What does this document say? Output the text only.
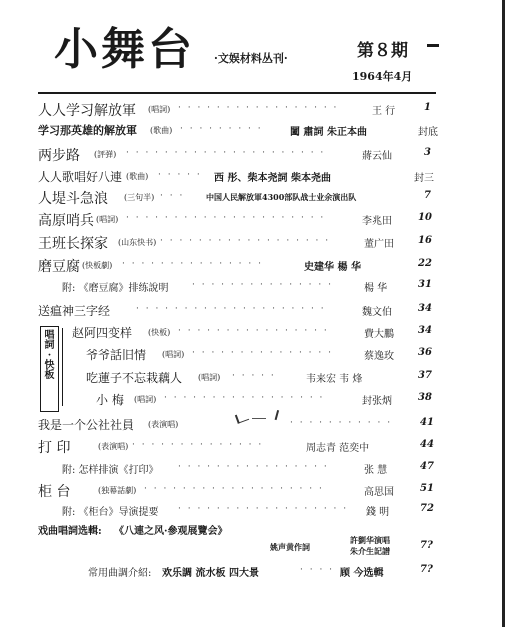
小舞台 ·文娱材料丛刊·	第８期
1964年4月
人人学习解放軍 (唱詞) · · · · · · · · · · · · · · · · ·	王 行	1
学习那英雄的解放軍 (歌曲) · · · · · · · · ·	闔 肅詞 朱正本曲	封底
两步路 (評弹) · · · · · · · · · · · · · · · · · · · · ·	蔣云仙	3
人人歌唱好八連 (歌曲) · · · · · 西 彤、柴本尧詞 柴本尧曲	封三
人堤斗急浪 (三句半) · · ·	中国人民解放軍4300部队战士业余演出队	7
高原哨兵 (唱詞) · · · · · · · · · · · · · · · · · · · · ·	李兆田	10
王班长探家 (山东快书) · · · · · · · · · · · · · · · · · ·	董广田 16
磨豆腐 (快板劇) · · · · · · · · · · · · · · ·	史建华 楊 华	22
附: 《磨豆腐》排练說明	· · · · · · · · · · · · · · ·	楊 华	31
送瘟神三字经	· · · · · · · · · · · · · · · · · · · ·	魏文伯	34
唱
詞
·
快
板
赵阿四变样 (快板) · · · · · · · · · · · · · · · ·	費大鵬 34
爷爷話旧情 (唱詞) · · · · · · · · · · · · · · ·	蔡逸玫 36
吃蓮子不忘栽藕人 (唱詞) · · · · ·	韦来宏 韦 烽	37
小 梅 (唱詞) · · · · · · · · · · · · · · · · ·	封张炳	38
我是一个公社社員 (表演唱)	· · · · · · · · · · ·	41
打 印	(表演唱) · · · · · · · · · · · · · ·	周志青 范奕中	44
附: 怎样排演《打印》 · · · · · · · · · · · · · · · ·	张 慧	47
柜 台	(独幕話劇) · · · · · · · · · · · · · · · · · · ·	高思国	51
附: 《柜台》导演提要 · · · · · · · · · · · · · · · · · · 錢 明	72
戏曲唱詞选輯: 《八連之风·參观展覽会》
許劉华演唱
姚声黄作詞	朱介生記譜	7?
常用曲調介紹: 欢乐調 流水板 四大景	· · · · 顾 今选輯	7?
